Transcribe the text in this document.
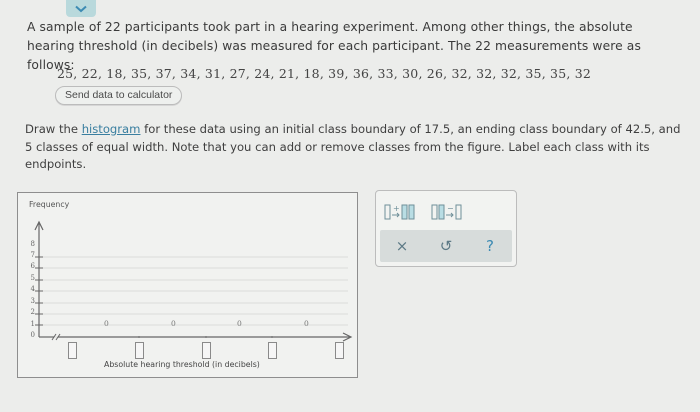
A sample of 22 participants took part in a hearing experiment. Among other things, the absolute hearing threshold (in decibels) was measured for each participant. The 22 measurements were as follows:

25, 22, 18, 35, 37, 34, 31, 27, 24, 21, 18, 39, 36, 33, 30, 26, 32, 32, 32, 35, 35, 32
Send data to calculator

Draw the histogram for these data using an initial class boundary of 17.5, an ending class boundary of 42.5, and 5 classes of equal width. Note that you can add or remove classes from the figure. Label each class with its endpoints.

Frequency
0
1
2
3
4
5
6
7
8
0	0	0	0
Absolute hearing threshold (in decibels)
+	−
×	↺	?
